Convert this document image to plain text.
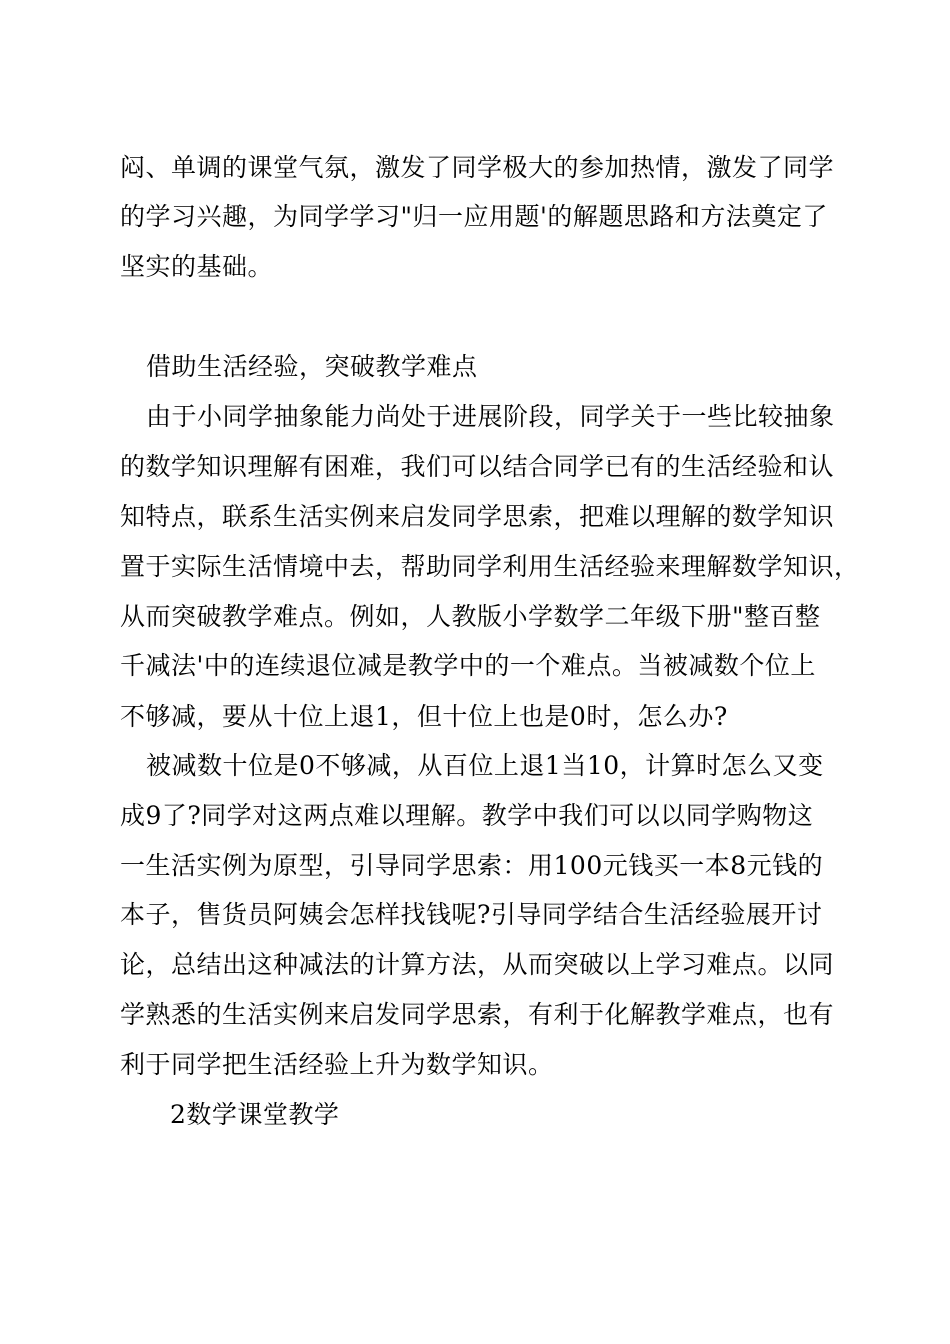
闷、单调的课堂气氛，激发了同学极大的参加热情，激发了同学
的学习兴趣，为同学学习"归一应用题'的解题思路和方法奠定了
坚实的基础。
借助生活经验，突破教学难点
由于小同学抽象能力尚处于进展阶段，同学关于一些比较抽象
的数学知识理解有困难，我们可以结合同学已有的生活经验和认
知特点，联系生活实例来启发同学思索，把难以理解的数学知识
置于实际生活情境中去，帮助同学利用生活经验来理解数学知识，
从而突破教学难点。例如，人教版小学数学二年级下册"整百整
千减法'中的连续退位减是教学中的一个难点。当被减数个位上
不够减，要从十位上退1，但十位上也是0时，怎么办?
被减数十位是0不够减，从百位上退1当10，计算时怎么又变
成9了?同学对这两点难以理解。教学中我们可以以同学购物这
一生活实例为原型，引导同学思索：用100元钱买一本8元钱的
本子，售货员阿姨会怎样找钱呢?引导同学结合生活经验展开讨
论，总结出这种减法的计算方法，从而突破以上学习难点。以同
学熟悉的生活实例来启发同学思索，有利于化解教学难点，也有
利于同学把生活经验上升为数学知识。
2数学课堂教学
